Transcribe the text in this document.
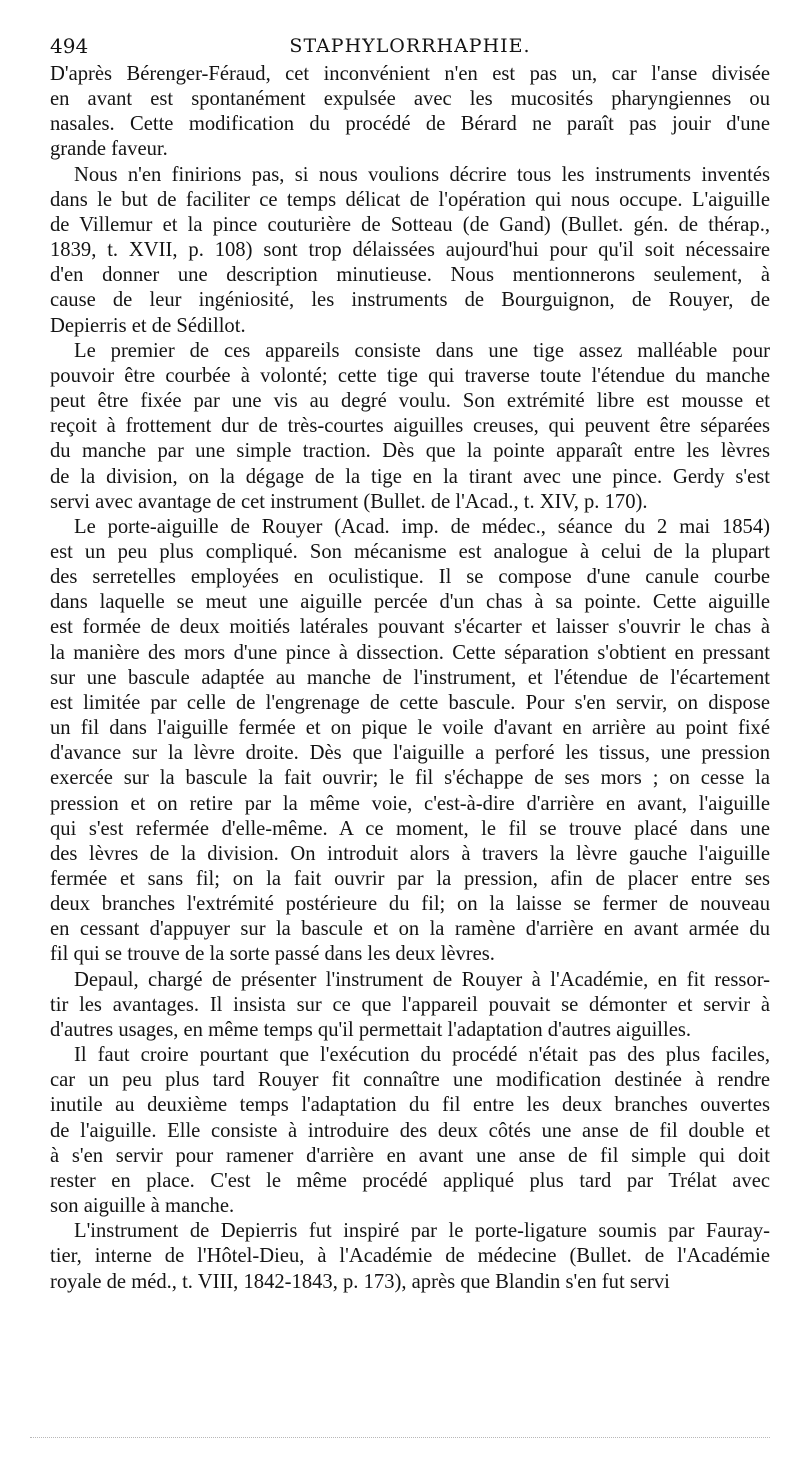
494	STAPHYLORRHAPHIE.
D'après Bérenger-Féraud, cet inconvénient n'en est pas un, car l'anse divisée
en avant est spontanément expulsée avec les mucosités pharyngiennes ou
nasales. Cette modification du procédé de Bérard ne paraît pas jouir d'une
grande faveur.
Nous n'en finirions pas, si nous voulions décrire tous les instruments inventés
dans le but de faciliter ce temps délicat de l'opération qui nous occupe. L'aiguille
de Villemur et la pince couturière de Sotteau (de Gand) (Bullet. gén. de thérap.,
1839, t. XVII, p. 108) sont trop délaissées aujourd'hui pour qu'il soit nécessaire
d'en donner une description minutieuse. Nous mentionnerons seulement, à
cause de leur ingéniosité, les instruments de Bourguignon, de Rouyer, de
Depierris et de Sédillot.
Le premier de ces appareils consiste dans une tige assez malléable pour
pouvoir être courbée à volonté; cette tige qui traverse toute l'étendue du manche
peut être fixée par une vis au degré voulu. Son extrémité libre est mousse et
reçoit à frottement dur de très-courtes aiguilles creuses, qui peuvent être séparées
du manche par une simple traction. Dès que la pointe apparaît entre les lèvres
de la division, on la dégage de la tige en la tirant avec une pince. Gerdy s'est
servi avec avantage de cet instrument (Bullet. de l'Acad., t. XIV, p. 170).
Le porte-aiguille de Rouyer (Acad. imp. de médec., séance du 2 mai 1854)
est un peu plus compliqué. Son mécanisme est analogue à celui de la plupart
des serretelles employées en oculistique. Il se compose d'une canule courbe
dans laquelle se meut une aiguille percée d'un chas à sa pointe. Cette aiguille
est formée de deux moitiés latérales pouvant s'écarter et laisser s'ouvrir le chas à
la manière des mors d'une pince à dissection. Cette séparation s'obtient en pressant
sur une bascule adaptée au manche de l'instrument, et l'étendue de l'écartement
est limitée par celle de l'engrenage de cette bascule. Pour s'en servir, on dispose
un fil dans l'aiguille fermée et on pique le voile d'avant en arrière au point fixé
d'avance sur la lèvre droite. Dès que l'aiguille a perforé les tissus, une pression
exercée sur la bascule la fait ouvrir; le fil s'échappe de ses mors ; on cesse la
pression et on retire par la même voie, c'est-à-dire d'arrière en avant, l'aiguille
qui s'est refermée d'elle-même. A ce moment, le fil se trouve placé dans une
des lèvres de la division. On introduit alors à travers la lèvre gauche l'aiguille
fermée et sans fil; on la fait ouvrir par la pression, afin de placer entre ses
deux branches l'extrémité postérieure du fil; on la laisse se fermer de nouveau
en cessant d'appuyer sur la bascule et on la ramène d'arrière en avant armée du
fil qui se trouve de la sorte passé dans les deux lèvres.
Depaul, chargé de présenter l'instrument de Rouyer à l'Académie, en fit ressor-
tir les avantages. Il insista sur ce que l'appareil pouvait se démonter et servir à
d'autres usages, en même temps qu'il permettait l'adaptation d'autres aiguilles.
Il faut croire pourtant que l'exécution du procédé n'était pas des plus faciles,
car un peu plus tard Rouyer fit connaître une modification destinée à rendre
inutile au deuxième temps l'adaptation du fil entre les deux branches ouvertes
de l'aiguille. Elle consiste à introduire des deux côtés une anse de fil double et
à s'en servir pour ramener d'arrière en avant une anse de fil simple qui doit
rester en place. C'est le même procédé appliqué plus tard par Trélat avec
son aiguille à manche.
L'instrument de Depierris fut inspiré par le porte-ligature soumis par Fauray-
tier, interne de l'Hôtel-Dieu, à l'Académie de médecine (Bullet. de l'Académie
royale de méd., t. VIII, 1842-1843, p. 173), après que Blandin s'en fut servi
